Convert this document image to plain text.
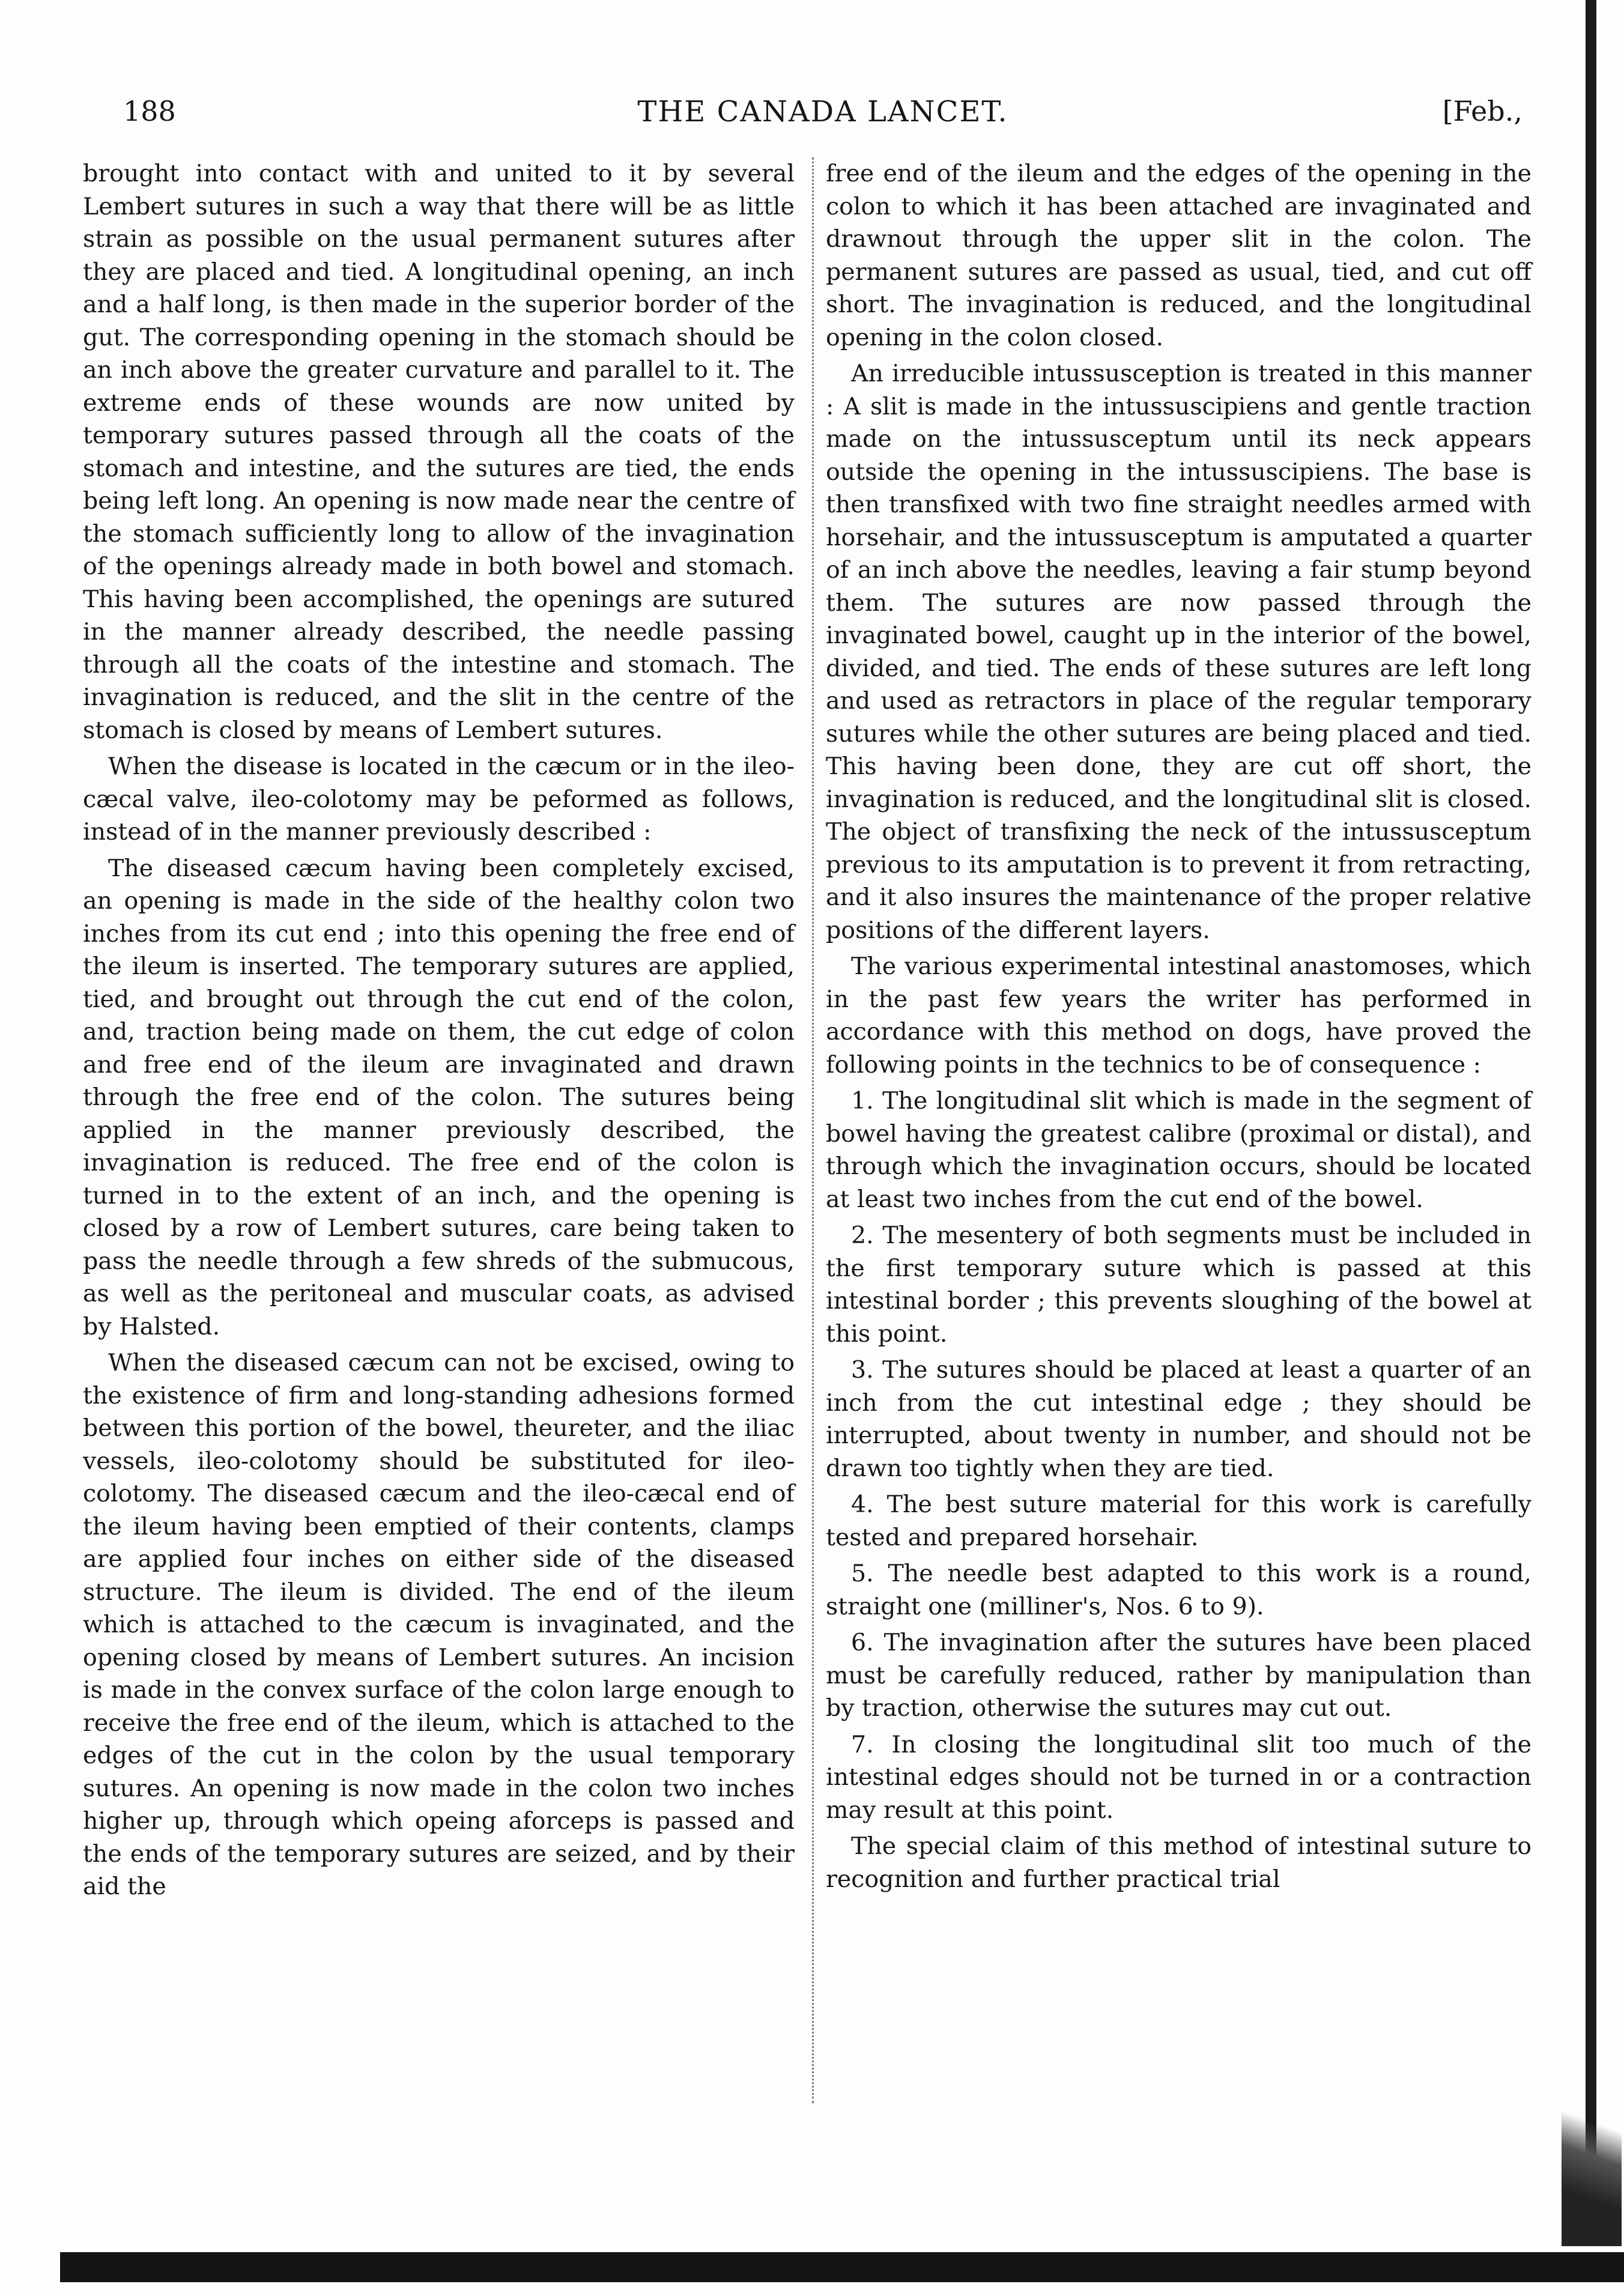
188	THE CANADA LANCET.	[Feb.,

brought into contact with and united to it by several Lembert sutures in such a way that there will be as little strain as possible on the usual permanent sutures after they are placed and tied. A longitudinal opening, an inch and a half long, is then made in the superior border of the gut. The corresponding opening in the stomach should be an inch above the greater curvature and parallel to it. The extreme ends of these wounds are now united by temporary sutures passed through all the coats of the stomach and intestine, and the sutures are tied, the ends being left long. An opening is now made near the centre of the stomach sufficiently long to allow of the invagination of the openings already made in both bowel and stomach. This having been accomplished, the openings are sutured in the manner already described, the needle passing through all the coats of the intestine and stomach. The invagination is reduced, and the slit in the centre of the stomach is closed by means of Lembert sutures.

When the disease is located in the cæcum or in the ileo-cæcal valve, ileo-colotomy may be peformed as follows, instead of in the manner previously described :

The diseased cæcum having been completely excised, an opening is made in the side of the healthy colon two inches from its cut end ; into this opening the free end of the ileum is inserted. The temporary sutures are applied, tied, and brought out through the cut end of the colon, and, traction being made on them, the cut edge of colon and free end of the ileum are invaginated and drawn through the free end of the colon. The sutures being applied in the manner previously described, the invagination is reduced. The free end of the colon is turned in to the extent of an inch, and the opening is closed by a row of Lembert sutures, care being taken to pass the needle through a few shreds of the submucous, as well as the peritoneal and muscular coats, as advised by Halsted.

When the diseased cæcum can not be excised, owing to the existence of firm and long-standing adhesions formed between this portion of the bowel, theureter, and the iliac vessels, ileo-colotomy should be substituted for ileo-colotomy. The diseased cæcum and the ileo-cæcal end of the ileum having been emptied of their contents, clamps are applied four inches on either side of the diseased structure. The ileum is divided. The end of the ileum which is attached to the cæcum is invaginated, and the opening closed by means of Lembert sutures. An incision is made in the convex surface of the colon large enough to receive the free end of the ileum, which is attached to the edges of the cut in the colon by the usual temporary sutures. An opening is now made in the colon two inches higher up, through which opeing aforceps is passed and the ends of the temporary sutures are seized, and by their aid the

free end of the ileum and the edges of the opening in the colon to which it has been attached are invaginated and drawnout through the upper slit in the colon. The permanent sutures are passed as usual, tied, and cut off short. The invagination is reduced, and the longitudinal opening in the colon closed.

An irreducible intussusception is treated in this manner : A slit is made in the intussuscipiens and gentle traction made on the intussusceptum until its neck appears outside the opening in the intussuscipiens. The base is then transfixed with two fine straight needles armed with horsehair, and the intussusceptum is amputated a quarter of an inch above the needles, leaving a fair stump beyond them. The sutures are now passed through the invaginated bowel, caught up in the interior of the bowel, divided, and tied. The ends of these sutures are left long and used as retractors in place of the regular temporary sutures while the other sutures are being placed and tied. This having been done, they are cut off short, the invagination is reduced, and the longitudinal slit is closed. The object of transfixing the neck of the intussusceptum previous to its amputation is to prevent it from retracting, and it also insures the maintenance of the proper relative positions of the different layers.

The various experimental intestinal anastomoses, which in the past few years the writer has performed in accordance with this method on dogs, have proved the following points in the technics to be of consequence :

1. The longitudinal slit which is made in the segment of bowel having the greatest calibre (proximal or distal), and through which the invagination occurs, should be located at least two inches from the cut end of the bowel.

2. The mesentery of both segments must be included in the first temporary suture which is passed at this intestinal border ; this prevents sloughing of the bowel at this point.

3. The sutures should be placed at least a quarter of an inch from the cut intestinal edge ; they should be interrupted, about twenty in number, and should not be drawn too tightly when they are tied.

4. The best suture material for this work is carefully tested and prepared horsehair.

5. The needle best adapted to this work is a round, straight one (milliner's, Nos. 6 to 9).

6. The invagination after the sutures have been placed must be carefully reduced, rather by manipulation than by traction, otherwise the sutures may cut out.

7. In closing the longitudinal slit too much of the intestinal edges should not be turned in or a contraction may result at this point.

The special claim of this method of intestinal suture to recognition and further practical trial
